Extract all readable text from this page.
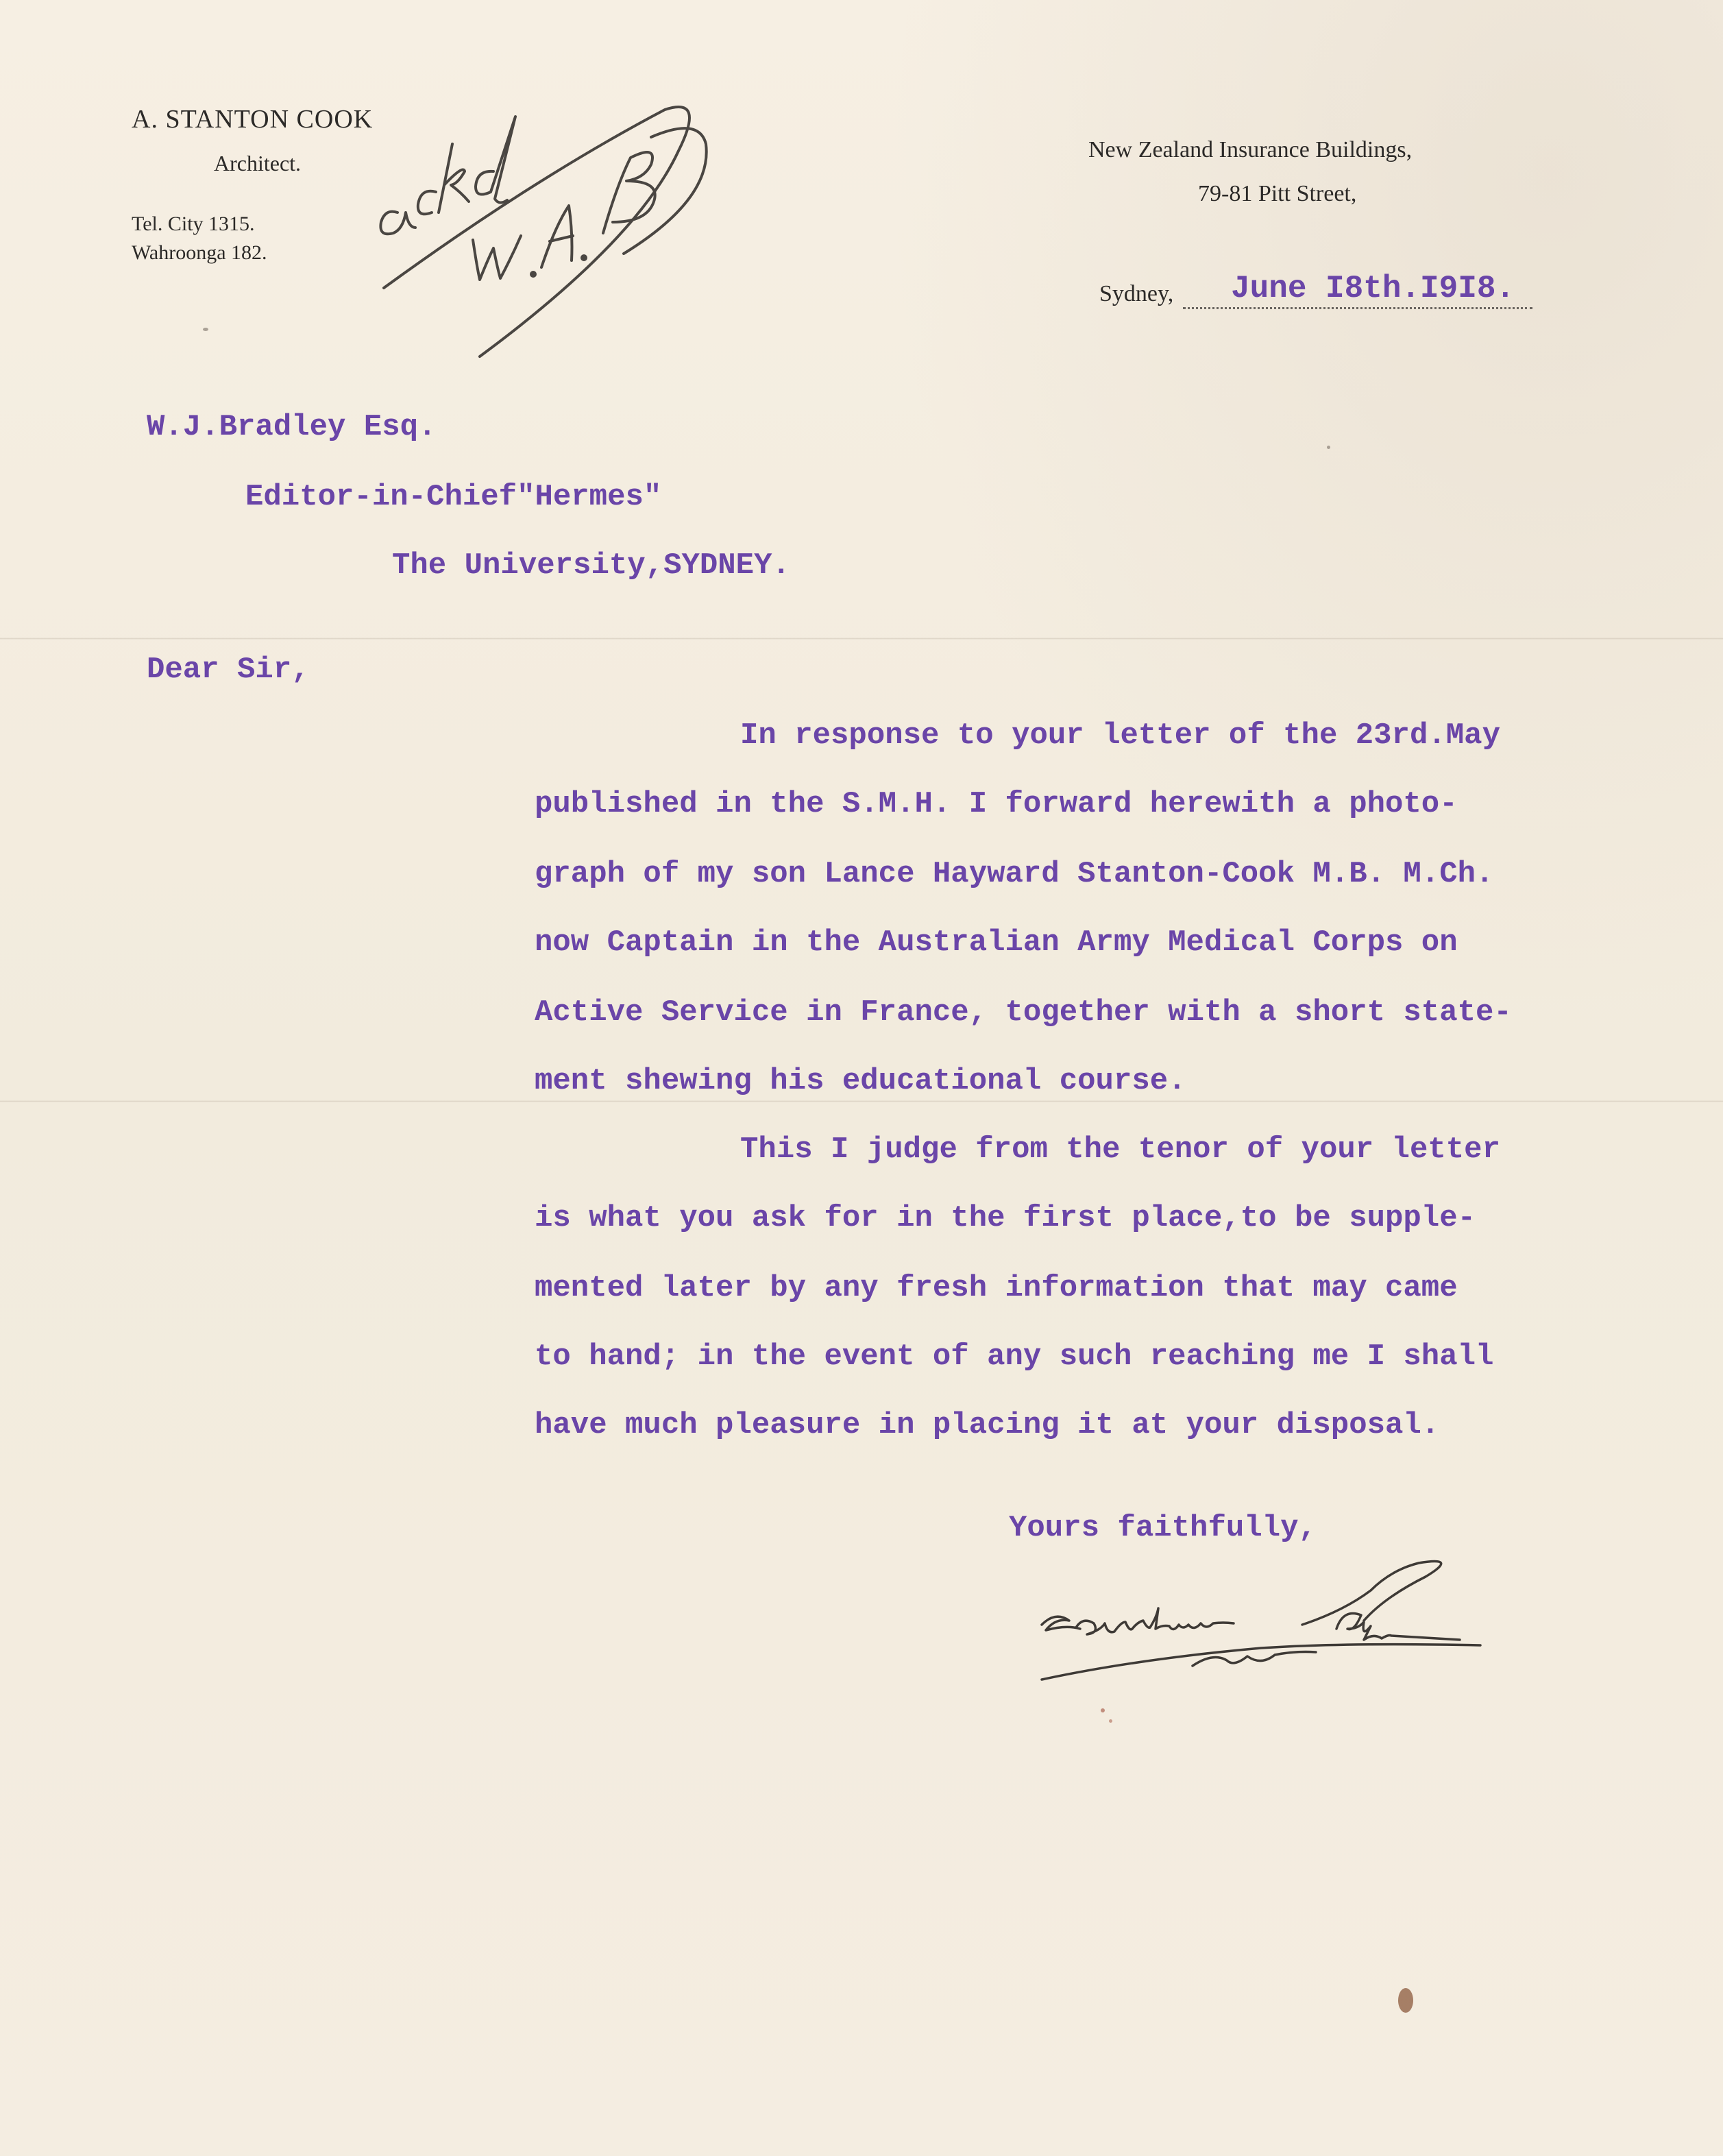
A. STANTON COOK
Architect.
Tel. City 1315.
Wahroonga 182.
New Zealand Insurance Buildings,
79-81 Pitt Street,
Sydney, June I8th.I9I8.
W.J.Bradley Esq.
Editor-in-Chief"Hermes"
The University,SYDNEY.
Dear Sir,
In response to your letter of the 23rd.May
published in the S.M.H. I forward herewith a photo-
graph of my son Lance Hayward Stanton-Cook M.B. M.Ch.
now Captain in the Australian Army Medical Corps on
Active Service in France, together with a short state-
ment shewing his educational course.
This I judge from the tenor of your letter
is what you ask for in the first place,to be supple-
mented later by any fresh information that may came
to hand; in the event of any such reaching me I shall
have much pleasure in placing it at your disposal.
Yours faithfully,
